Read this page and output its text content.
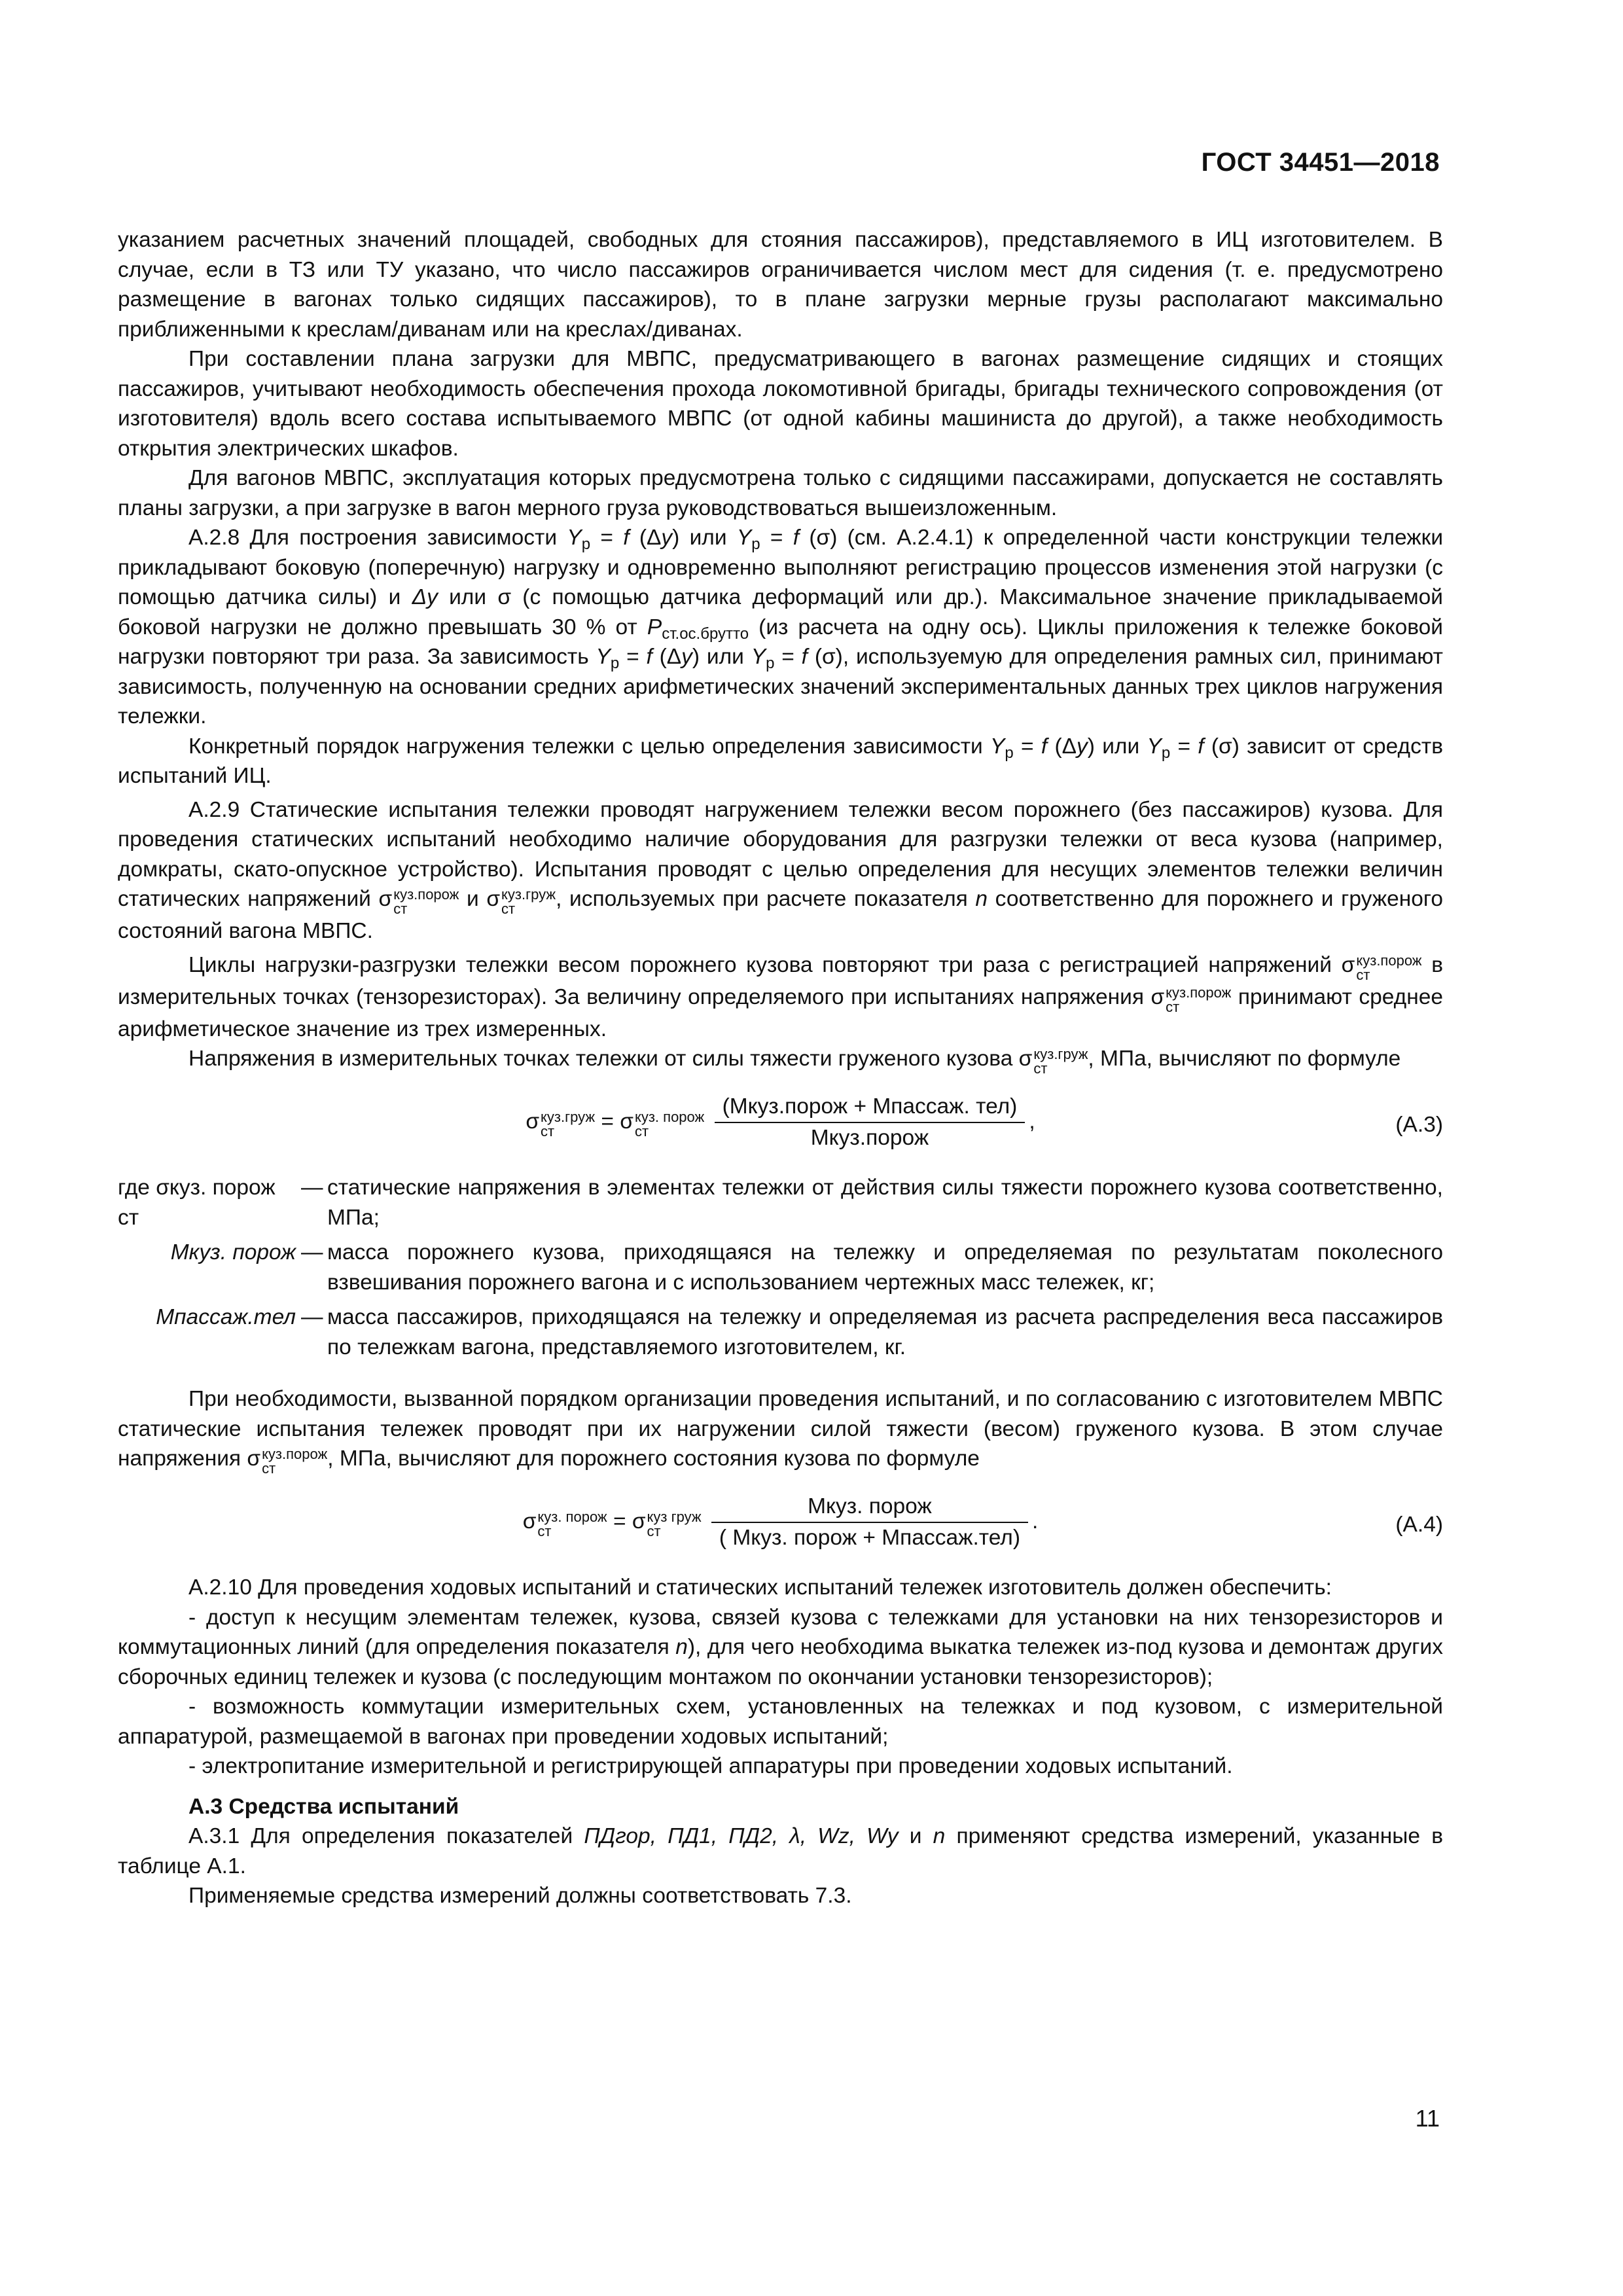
ГОСТ 34451—2018

указанием расчетных значений площадей, свободных для стояния пассажиров), представляемого в ИЦ изготовителем. В случае, если в ТЗ или ТУ указано, что число пассажиров ограничивается числом мест для сидения (т. е. предусмотрено размещение в вагонах только сидящих пассажиров), то в плане загрузки мерные грузы располагают максимально приближенными к креслам/диванам или на креслах/диванах.

При составлении плана загрузки для МВПС, предусматривающего в вагонах размещение сидящих и стоящих пассажиров, учитывают необходимость обеспечения прохода локомотивной бригады, бригады технического сопровождения (от изготовителя) вдоль всего состава испытываемого МВПС (от одной кабины машиниста до другой), а также необходимость открытия электрических шкафов.

Для вагонов МВПС, эксплуатация которых предусмотрена только с сидящими пассажирами, допускается не составлять планы загрузки, а при загрузке в вагон мерного груза руководствоваться вышеизложенным.

А.2.8 Для построения зависимости $Y_р = f$ (Δy) или $Y_р = f$ (σ) (см. А.2.4.1) к определенной части конструкции тележки прикладывают боковую (поперечную) нагрузку и одновременно выполняют регистрацию процессов изменения этой нагрузки (с помощью датчика силы) и Δy или σ (с помощью датчика деформаций или др.). Максимальное значение прикладываемой боковой нагрузки не должно превышать 30 % от $P_{ст.ос.брутто}$ (из расчета на одну ось). Циклы приложения к тележке боковой нагрузки повторяют три раза. За зависимость $Y_р = f$ (Δy) или $Y_р = f$ (σ), используемую для определения рамных сил, принимают зависимость, полученную на основании средних арифметических значений экспериментальных данных трех циклов нагружения тележки.

Конкретный порядок нагружения тележки с целью определения зависимости $Y_р = f$ (Δy) или $Y_р = f$ (σ) зависит от средств испытаний ИЦ.

А.2.9 Статические испытания тележки проводят нагружением тележки весом порожнего (без пассажиров) кузова. Для проведения статических испытаний необходимо наличие оборудования для разгрузки тележки от веса кузова (например, домкраты, скато-опускное устройство). Испытания проводят с целью определения для несущих элементов тележки величин статических напряжений σ куз.порож
ст	и σ куз.груж
ст	, используемых при расчете показателя n соответственно для порожнего и груженого состояний вагона МВПС.

Циклы нагрузки-разгрузки тележки весом порожнего кузова повторяют три раза с регистрацией напряжений σ куз.порож
ст	в измерительных точках (тензорезисторах). За величину определяемого при испытаниях напряжения σ куз.порож
ст	принимают среднее арифметическое значение из трех измеренных.

Напряжения в измерительных точках тележки от силы тяжести груженого кузова σ куз.груж
ст	, МПа, вычисляют по формуле

σ куз.груж
ст	= σ куз. порож
ст
	$\frac{\text{(Mкуз.порож + Mпассаж. тел)}}{\text{Mкуз.порож}}$ ,	(А.3)
где σкуз. порож ст
— статические напряжения в элементах тележки от действия силы тяжести порожнего кузова соответственно, МПа;
Mкуз. порож — масса порожнего кузова, приходящаяся на тележку и определяемая по результатам поколесного взвешивания порожнего вагона и с использованием чертежных масс тележек, кг;
Mпассаж.тел — масса пассажиров, приходящаяся на тележку и определяемая из расчета распределения веса пассажиров по тележкам вагона, представляемого изготовителем, кг.

При необходимости, вызванной порядком организации проведения испытаний, и по согласованию с изготовителем МВПС статические испытания тележек проводят при их нагружении силой тяжести (весом) груженого кузова. В этом случае напряжения σ куз.порож
ст	, МПа, вычисляют для порожнего состояния кузова по формуле

σ куз. порож
ст	= σ куз груж
ст
	$\frac{\text{Mкуз. порож}}{\text{( Mкуз. порож + Mпассаж.тел)}}$ .	(А.4)

А.2.10 Для проведения ходовых испытаний и статических испытаний тележек изготовитель должен обеспечить:

- доступ к несущим элементам тележек, кузова, связей кузова с тележками для установки на них тензорезисторов и коммутационных линий (для определения показателя n), для чего необходима выкатка тележек из-под кузова и демонтаж других сборочных единиц тележек и кузова (с последующим монтажом по окончании установки тензорезисторов);

- возможность коммутации измерительных схем, установленных на тележках и под кузовом, с измерительной аппаратурой, размещаемой в вагонах при проведении ходовых испытаний;

- электропитание измерительной и регистрирующей аппаратуры при проведении ходовых испытаний.

А.3 Средства испытаний

А.3.1 Для определения показателей ПДгор, ПД1, ПД2, λ, Wz, Wy и n применяют средства измерений, указанные в таблице А.1.

Применяемые средства измерений должны соответствовать 7.3.

11
